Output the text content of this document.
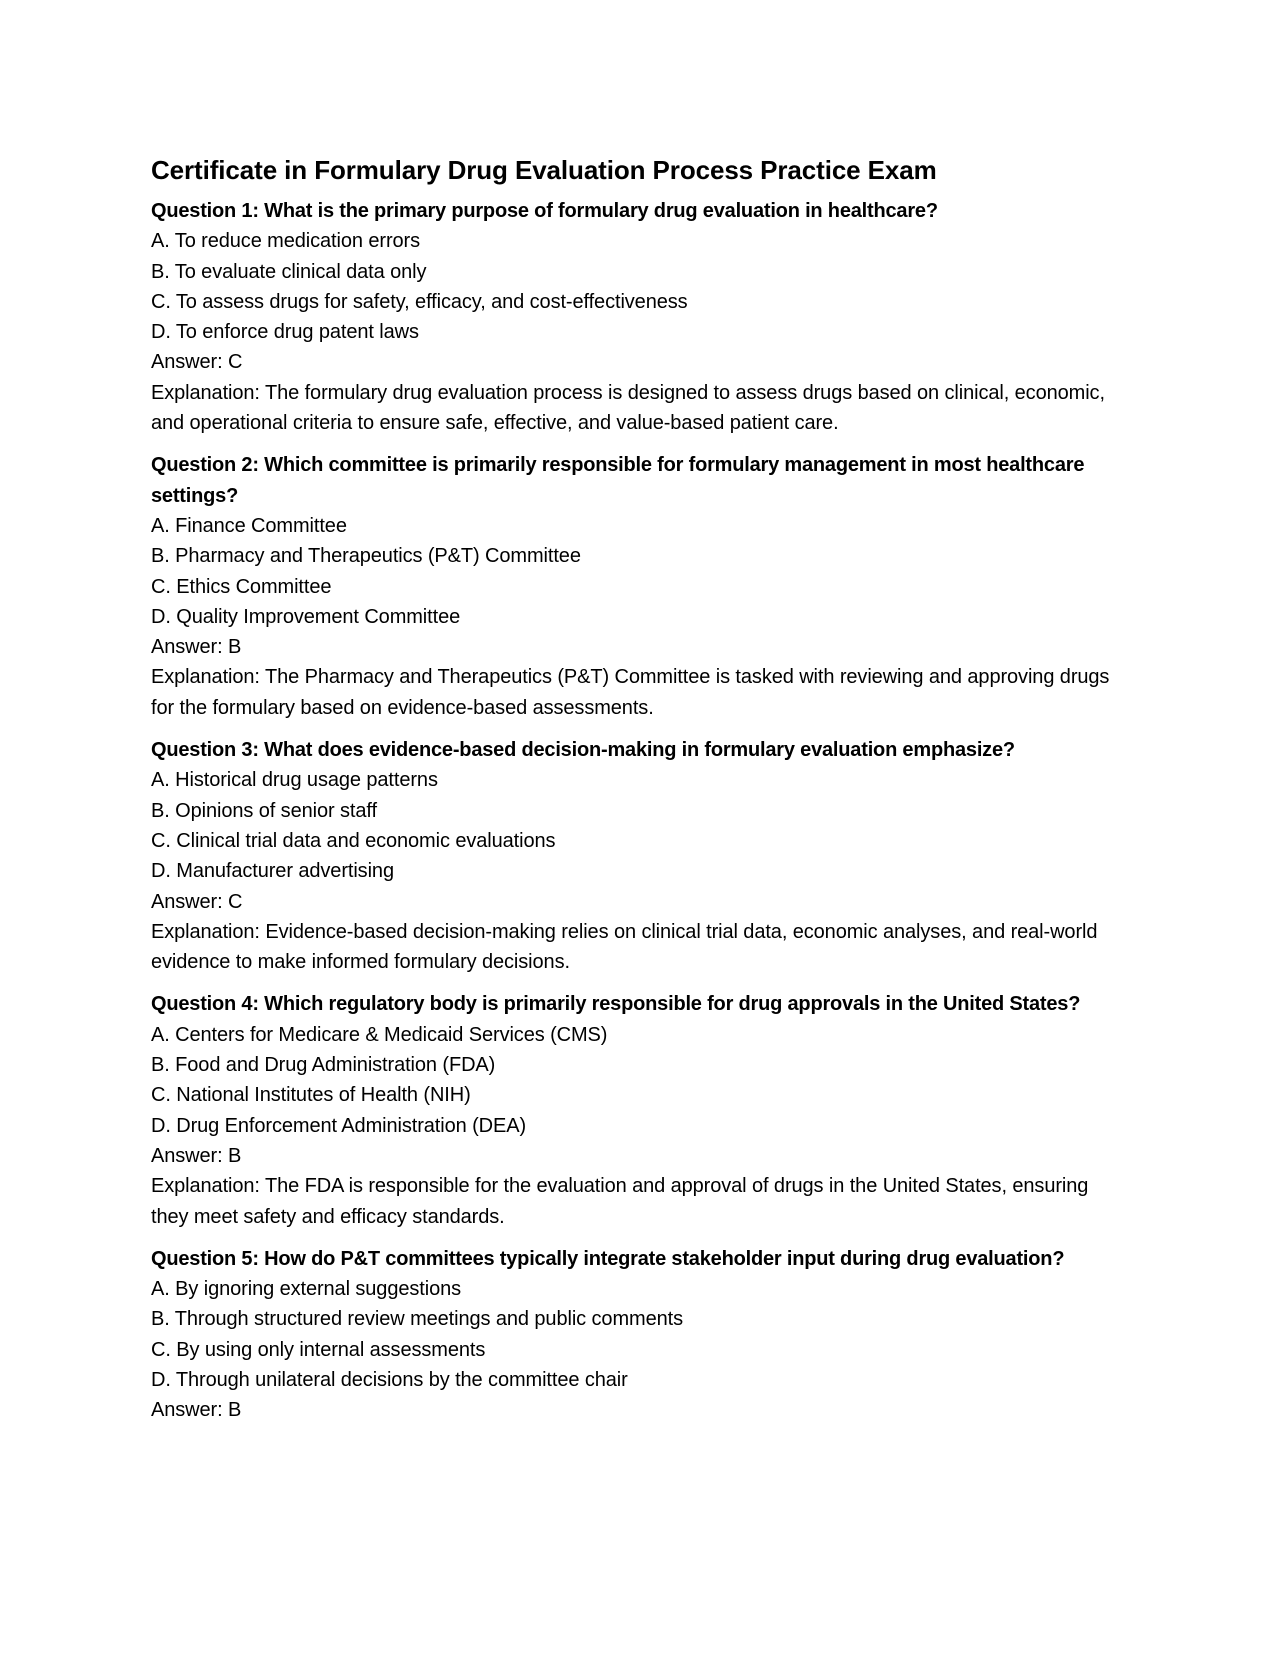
Certificate in Formulary Drug Evaluation Process Practice Exam

Question 1: What is the primary purpose of formulary drug evaluation in healthcare?

A. To reduce medication errors

B. To evaluate clinical data only

C. To assess drugs for safety, efficacy, and cost-effectiveness

D. To enforce drug patent laws

Answer: C

Explanation: The formulary drug evaluation process is designed to assess drugs based on clinical, economic, and operational criteria to ensure safe, effective, and value-based patient care.

Question 2: Which committee is primarily responsible for formulary management in most healthcare settings?

A. Finance Committee

B. Pharmacy and Therapeutics (P&T) Committee

C. Ethics Committee

D. Quality Improvement Committee

Answer: B

Explanation: The Pharmacy and Therapeutics (P&T) Committee is tasked with reviewing and approving drugs for the formulary based on evidence-based assessments.

Question 3: What does evidence-based decision-making in formulary evaluation emphasize?

A. Historical drug usage patterns

B. Opinions of senior staff

C. Clinical trial data and economic evaluations

D. Manufacturer advertising

Answer: C

Explanation: Evidence-based decision-making relies on clinical trial data, economic analyses, and real-world evidence to make informed formulary decisions.

Question 4: Which regulatory body is primarily responsible for drug approvals in the United States?

A. Centers for Medicare & Medicaid Services (CMS)

B. Food and Drug Administration (FDA)

C. National Institutes of Health (NIH)

D. Drug Enforcement Administration (DEA)

Answer: B

Explanation: The FDA is responsible for the evaluation and approval of drugs in the United States, ensuring they meet safety and efficacy standards.

Question 5: How do P&T committees typically integrate stakeholder input during drug evaluation?

A. By ignoring external suggestions

B. Through structured review meetings and public comments

C. By using only internal assessments

D. Through unilateral decisions by the committee chair

Answer: B
